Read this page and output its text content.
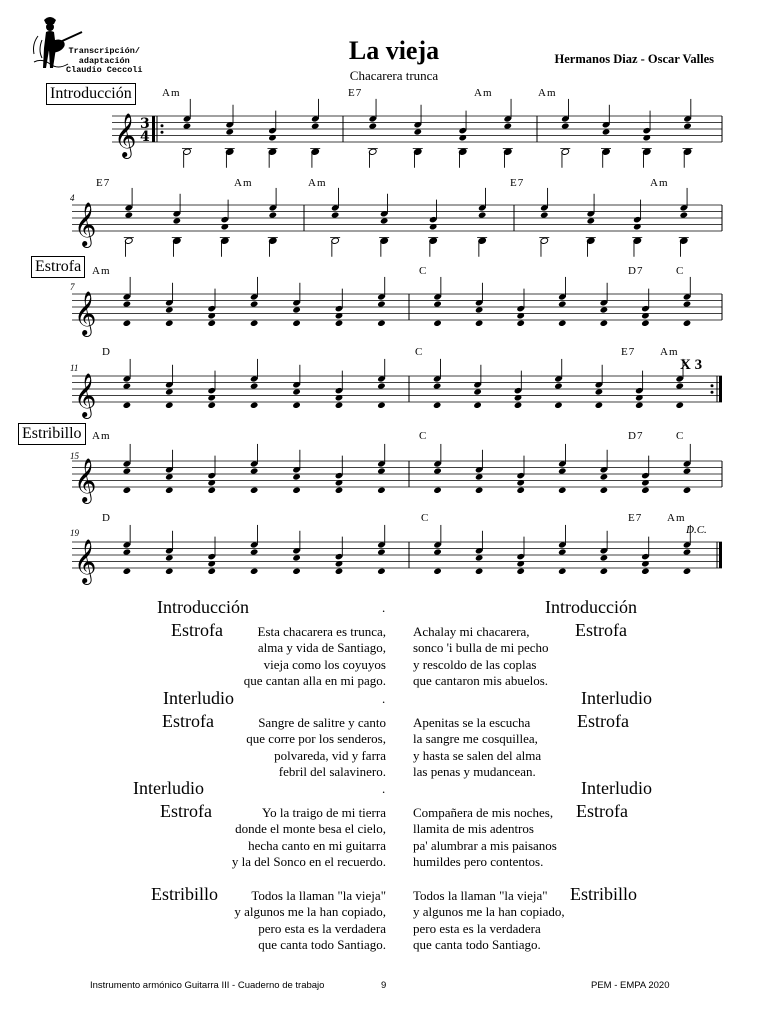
Transcripción/
adaptación
Claudio Ceccoli
La vieja
Chacarera trunca
Hermanos Diaz - Oscar Valles
Introducción
Estrofa
Estribillo
Am	E7	Am	Am
4
E7	Am	Am	E7	Am
7
Am	C	D7	C
11
D	C	E7 Am
X 3
15
Am	C	D7	C
19
D	C	E7 Am
D.C.
𝄞 3
4
𝄞
𝄞
𝄞
𝄞
𝄞
Introducción	.	Introducción
Estrofa	Esta chacarera es trunca,
alma y vida de Santiago,
vieja como los coyuyos
que cantan alla en mi pago.
Achalay mi chacarera,
sonco 'i bulla de mi pecho
y rescoldo de las coplas
que cantaron mis abuelos.
Estrofa
Interludio	.	Interludio
Estrofa	Sangre de salitre y canto
que corre por los senderos,
polvareda, vid y farra
febril del salavinero.
Apenitas se la escucha
la sangre me cosquillea,
y hasta se salen del alma
las penas y mudancean.
Estrofa
Interludio	.	Interludio
Estrofa	Yo la traigo de mi tierra
donde el monte besa el cielo,
hecha canto en mi guitarra
y la del Sonco en el recuerdo.
Compañera de mis noches,
llamita de mis adentros
pa' alumbrar a mis paisanos
humildes pero contentos.
Estrofa
Estribillo	Todos la llaman "la vieja"
y algunos me la han copiado,
pero esta es la verdadera
que canta todo Santiago.
Todos la llaman "la vieja"
y algunos me la han copiado,
pero esta es la verdadera
que canta todo Santiago.
Estribillo
Instrumento armónico Guitarra III - Cuaderno de trabajo	9	PEM - EMPA 2020
